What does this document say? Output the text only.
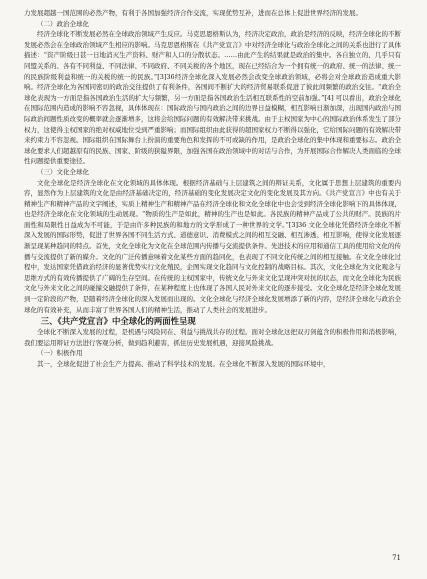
力发展超越一国范围的必然产物，有利于各国加强经济合作交流，实现优势互补，进而在总体上促进世界经济的发展。

（二）政治全球化

经济全球化不断发展必然在全球政治领域产生反应。马克思恩格斯认为，经济决定政治，政治是经济的反映，经济全球化的不断发展必然会在全球政治领域产生相应的影响。马克思恩格斯在《共产党宣言》中对经济全球化与政治全球化之间的关系也进行了具体描述：“资产阶级日甚一日地消灭生产资料、财产和人口的分散状态。……由此产生的结果就是政治的集中。各自独立的、几乎只有同盟关系的、各有不同利益、不同法律、不同政府、不同关税的各个地区，现在已经结合为一个拥有统一的政府、统一的法律、统一的民族阶级利益和统一的关税的统一的民族。”[3]36经济全球化深入发展必然会改变全球政治领域，必将会对全球政治造成重大影响。经济全球化为各国同密切的政治交往提供了有利条件，各国间不断扩大的经济贸易联系促进了彼此间频繁的政治交往。“政治全球化表现为一方面是指各国政治生活的扩大与频繁，另一方面是指各国政治生活相互联系性的空前加强。”[4] 可以看出，政治全球化在国际范围内造成的影响不容忽视，具体体现在：国际政治与国内政治之间的边界日益模糊，相互影响日渐加深，出现国内政治与国际政治间题性质改变的概率就会逐渐增多，这将会给国际问题的有效解决带来挑战。由于主权国家为中心的国际政治体系发生了部分权力，这使得主权国家的绝对权威地位受到严重影响；而国际组织由此获得的超国家权力不断得以强化，它给国际问题的有效解决带来约束力不容忽视。国际组织在国际舞台上扮演的重要角色和发挥的不可或缺的作用，是政治全球化的集中体现和重要标志。政治全球化要求人们超越原有的民族、国家、阶级的狭隘界限，加强各国在政治领域中的对话与合作，为开展国际合作解决人类面临的全球性问题提供重要途径。

（三）文化全球化

文化全球化是经济全球化在文化领域的具体体现。根据经济基础与上层建筑之间的辩证关系，文化属于思想上层建筑的重要内容，显然作为上层建筑的文化是由经济基础决定的，经济基础的变化发展决定文化的变化发展及其方向。《共产党宣言》中也有关于精神生产和精神产品的文字阐述，实质上精神生产和精神产品在经济全球化和文化全球化中也会受到经济全球化影响下的具体体现，也是经济全球化在文化领域的生动展现。“物质的生产是如此，精神的生产也是如此。各民族的精神产品成了公共的财产。民族的片面性和局限性日益成为不可能，于是由许多种民族的和地方的文学形成了一种世界的文学。”[3]36 文化全球化凭借经济全球化不断深入发展的国际形势，促进了世界各国不同生活方式、道德意识、消费模式之间的相互交融、相互渗透、相互影响，使得文化发展逐渐呈现某种趋同的特点。首先，文化全球化为文化在全球范围内传播与交流提供条件。先进技术的应用和通信工具的使用给文化的传播与交流提供了新的媒介。文化的广泛传播意味着文化某些方面的趋同化，也表现了不同文化传统之间的相互接触。在文化全球化过程中，发达国家凭借政治经济的显著优势实行文化殖民，企图实现文化趋同与文化控制的战略目标。其次，文化全球化为文化观念与思维方式的有效传播提供了广阔的生存空间。在传统的主权国家中，传统文化与外来文化呈现冲突对抗的状态，而文化全球化为民族文化与外来文化之间的碰撞交融提供了条件，在某种程度上也体现了各国人民对外来文化的逐步接受。文化全球化是经济全球化发展到一定阶段的产物，是随着经济全球化的深入发展而出现的。文化全球化与经济全球化发展增添了新的内容，是经济全球化与政治全球化的有效补充，从而丰富了世界各国人们的精神生活，推动了人类社会的发展进步。

三、《共产党宣言》中全球化的两面性呈现

全球化不断深入发展的过程，是机遇与风险同在、利益与挑战共存的过程。面对全球化这把双刃剑蕴含的积极作用和消极影响，我们要运用辩证方法进行客观分析，做到趋利避害，抓住历史发展机遇，迎接风险挑战。

（一）积极作用

其一，全球化促进了社会生产力提高、推动了科学技术的发展。在全球化不断深入发展的国际环境中，

71
